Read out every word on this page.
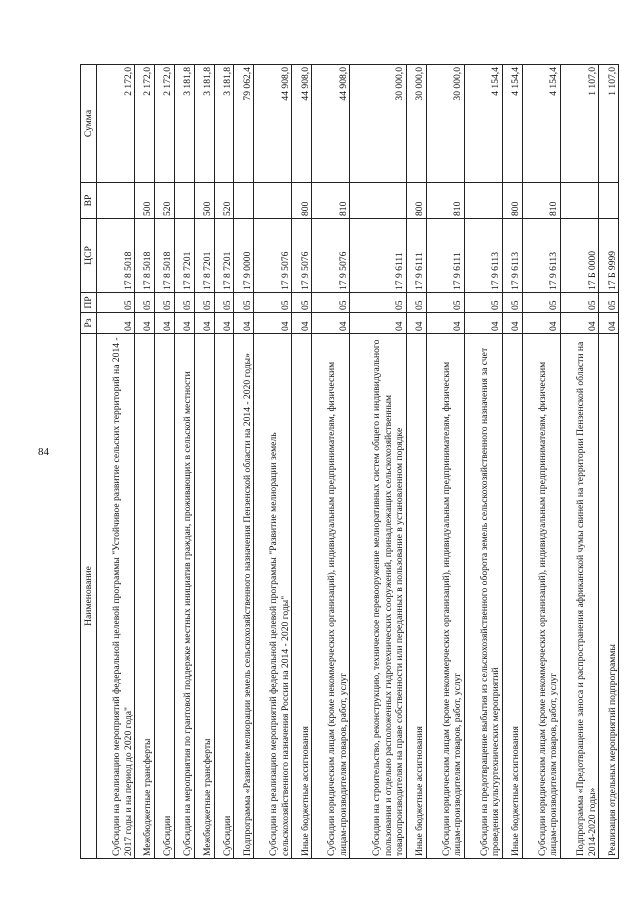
84
Наименование	Рз	ПР	ЦСР	ВР	Сумма
Субсидии на реализацию мероприятий федеральной целевой программы "Устойчивое развитие сельских территорий на 2014 - 2017 годы и на период до 2020 года"	04	05	17 8 5018		2 172,0
Межбюджетные трансферты	04	05	17 8 5018	500	2 172,0
Субсидии	04	05	17 8 5018	520	2 172,0
Субсидии на мероприятия по грантовой поддержке местных инициатив граждан, проживающих в сельской местности	04	05	17 8 7201		3 181,8
Межбюджетные трансферты	04	05	17 8 7201	500	3 181,8
Субсидии	04	05	17 8 7201	520	3 181,8
Подпрограмма «Развитие мелиорации земель сельскохозяйственного назначения Пензенской области на 2014 - 2020 годы»	04	05	17 9 0000		79 062,4
Субсидии на реализацию мероприятий федеральной целевой программы "Развитие мелиорации земель сельскохозяйственного назначения России на 2014 - 2020 годы"	04	05	17 9 5076		44 908,0
Иные бюджетные ассигнования	04	05	17 9 5076	800	44 908,0
Субсидии юридическим лицам (кроме некоммерческих организаций), индивидуальным предпринимателям, физическим лицам-производителям товаров, работ, услуг	04	05	17 9 5076	810	44 908,0
Субсидии на строительство, реконструкцию, техническое перевооружение мелиоративных систем общего и индивидуального пользования и отдельно расположенных гидротехнических сооружений, принадлежащих сельскохозяйственным товаропроизводителям на праве собственности или переданных в пользование в установленном порядке	04	05	17 9 6111		30 000,0
Иные бюджетные ассигнования	04	05	17 9 6111	800	30 000,0
Субсидии юридическим лицам (кроме некоммерческих организаций), индивидуальным предпринимателям, физическим лицам-производителям товаров, работ, услуг	04	05	17 9 6111	810	30 000,0
Субсидии на предотвращение выбытия из сельскохозяйственного оборота земель сельскохозяйственного назначения за счет проведения культуртехнических мероприятий	04	05	17 9 6113		4 154,4
Иные бюджетные ассигнования	04	05	17 9 6113	800	4 154,4
Субсидии юридическим лицам (кроме некоммерческих организаций), индивидуальным предпринимателям, физическим лицам-производителям товаров, работ, услуг	04	05	17 9 6113	810	4 154,4
Подпрограмма «Предотвращение заноса и распространения африканской чумы свиней на территории Пензенской области на 2014-2020 годы»	04	05	17 Б 0000		1 107,0
Реализация отдельных мероприятий подпрограммы	04	05	17 Б 9999		1 107,0
